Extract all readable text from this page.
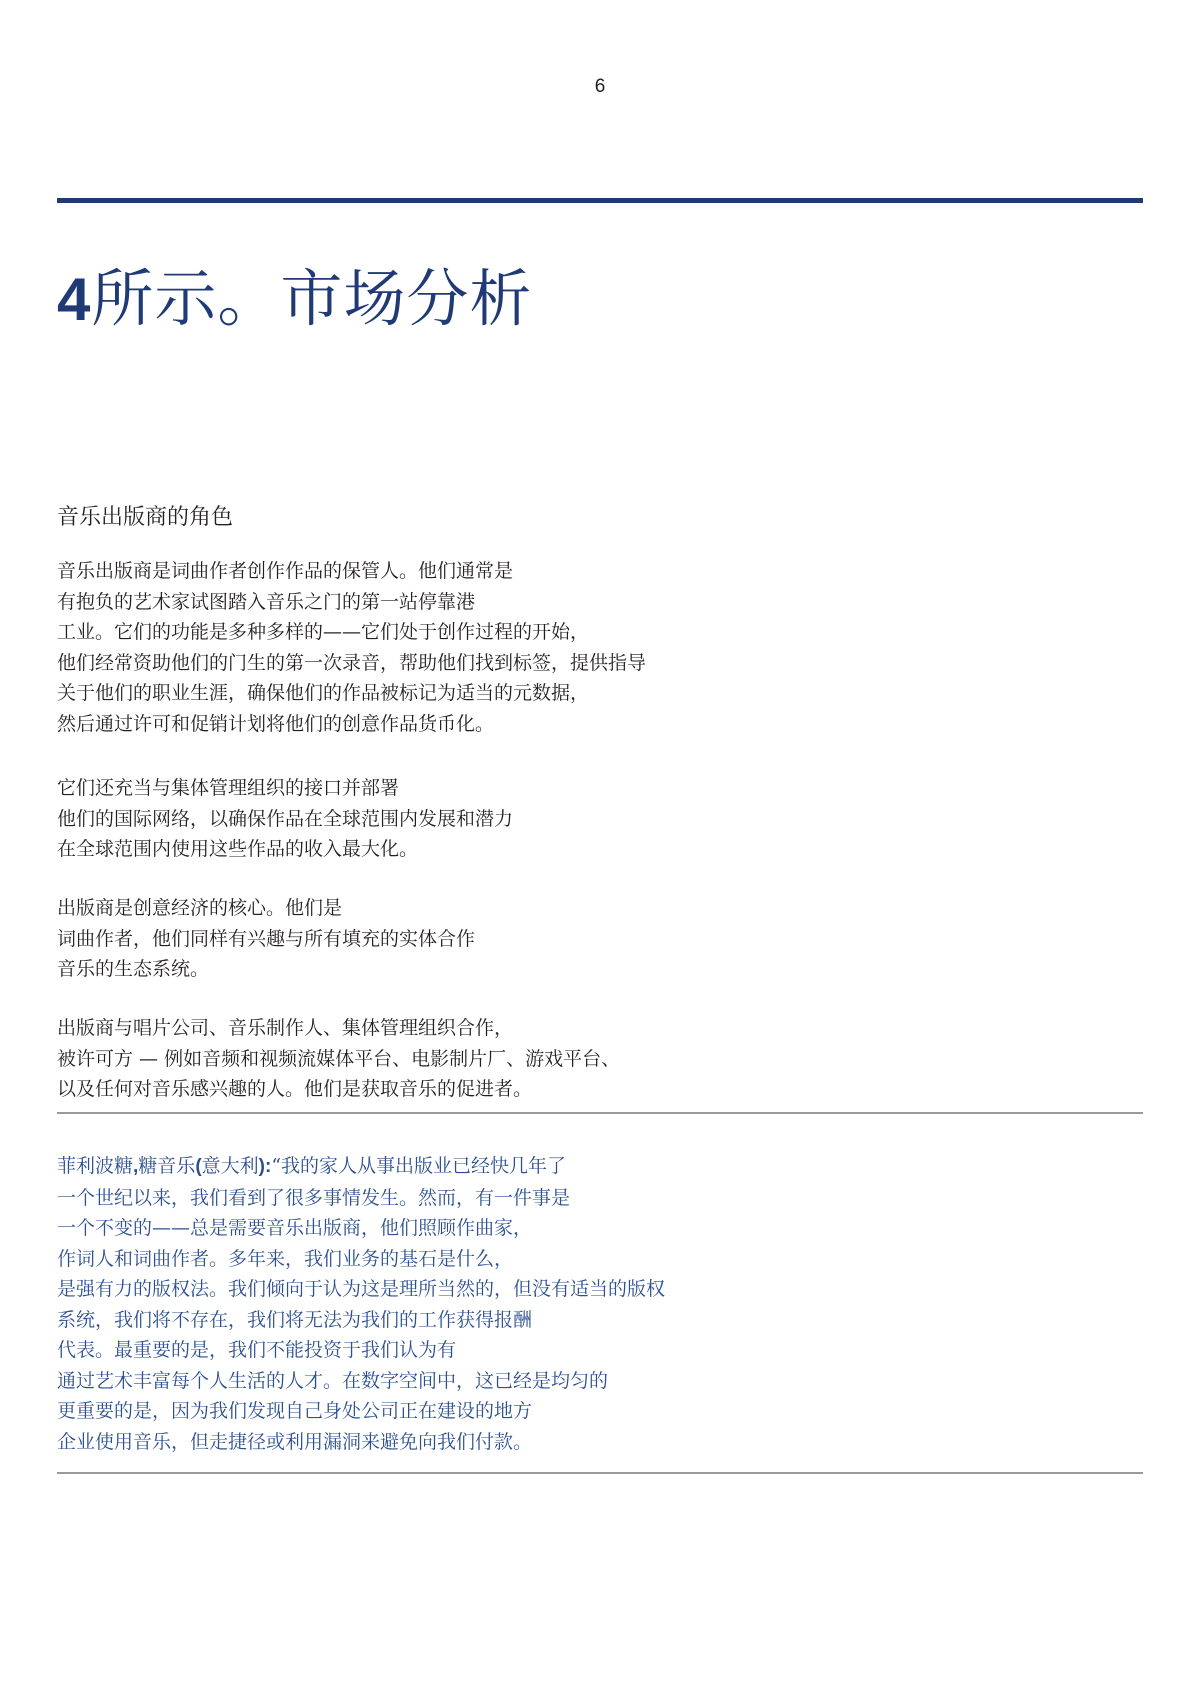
6
4所示。市场分析
音乐出版商的角色

音乐出版商是词曲作者创作作品的保管人。他们通常是
有抱负的艺术家试图踏入音乐之门的第一站停靠港
工业。它们的功能是多种多样的——它们处于创作过程的开始，
他们经常资助他们的门生的第一次录音，帮助他们找到标签，提供指导
关于他们的职业生涯，确保他们的作品被标记为适当的元数据，
然后通过许可和促销计划将他们的创意作品货币化。

它们还充当与集体管理组织的接口并部署
他们的国际网络，以确保作品在全球范围内发展和潜力
在全球范围内使用这些作品的收入最大化。

出版商是创意经济的核心。他们是
词曲作者，他们同样有兴趣与所有填充的实体合作
音乐的生态系统。

出版商与唱片公司、音乐制作人、集体管理组织合作，
被许可方 — 例如音频和视频流媒体平台、电影制片厂、游戏平台、
以及任何对音乐感兴趣的人。他们是获取音乐的促进者。

菲利波糖,糖音乐(意大利):“我的家人从事出版业已经快几年了
一个世纪以来，我们看到了很多事情发生。然而，有一件事是
一个不变的——总是需要音乐出版商，他们照顾作曲家，
作词人和词曲作者。多年来，我们业务的基石是什么，
是强有力的版权法。我们倾向于认为这是理所当然的，但没有适当的版权
系统，我们将不存在，我们将无法为我们的工作获得报酬
代表。最重要的是，我们不能投资于我们认为有
通过艺术丰富每个人生活的人才。在数字空间中，这已经是均匀的
更重要的是，因为我们发现自己身处公司正在建设的地方
企业使用音乐，但走捷径或利用漏洞来避免向我们付款。
